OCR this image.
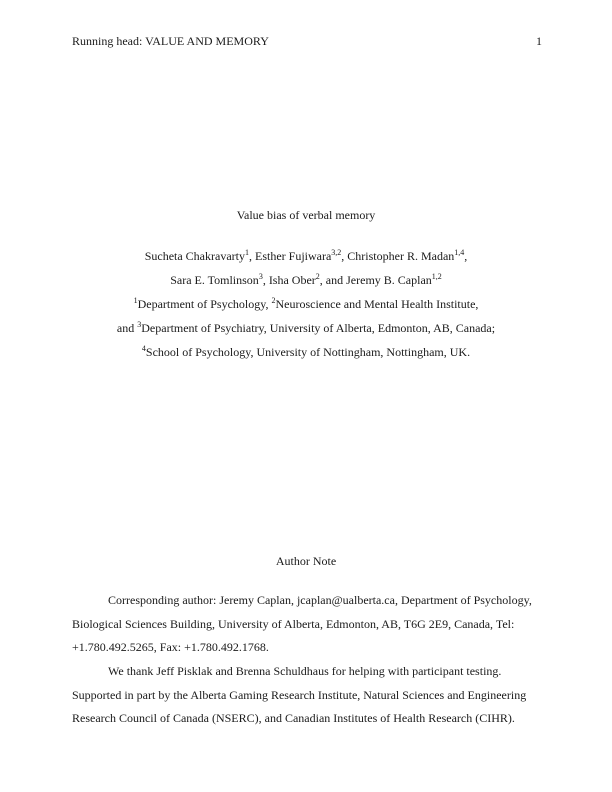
Running head: VALUE AND MEMORY	1
Value bias of verbal memory
Sucheta Chakravarty$^1$, Esther Fujiwara$^{3,2}$, Christopher R. Madan$^{1,4}$,
Sara E. Tomlinson$^3$, Isha Ober$^2$, and Jeremy B. Caplan$^{1,2}$
$^1$Department of Psychology, $^2$Neuroscience and Mental Health Institute,
and $^3$Department of Psychiatry, University of Alberta, Edmonton, AB, Canada;
$^4$School of Psychology, University of Nottingham, Nottingham, UK.
Author Note
Corresponding author: Jeremy Caplan, jcaplan@ualberta.ca, Department of Psychology,
Biological Sciences Building, University of Alberta, Edmonton, AB, T6G 2E9, Canada, Tel:
+1.780.492.5265, Fax: +1.780.492.1768.
We thank Jeff Pisklak and Brenna Schuldhaus for helping with participant testing.
Supported in part by the Alberta Gaming Research Institute, Natural Sciences and Engineering
Research Council of Canada (NSERC), and Canadian Institutes of Health Research (CIHR).
